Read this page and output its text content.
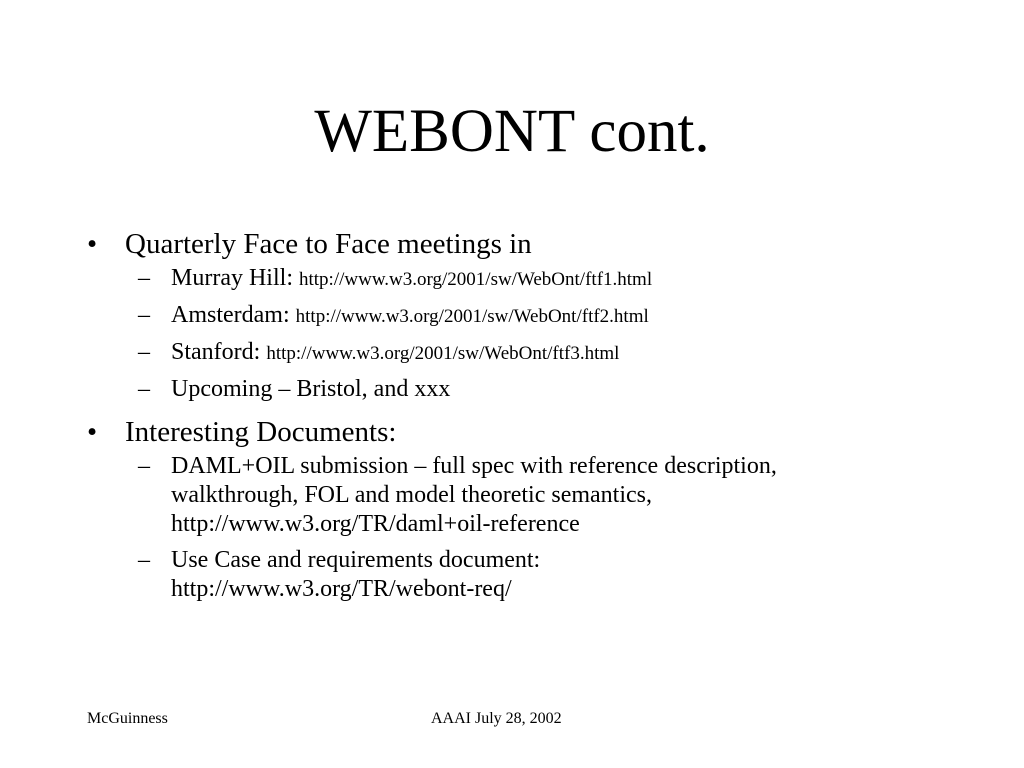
WEBONT cont.
• Quarterly Face to Face meetings in
– Murray Hill: http://www.w3.org/2001/sw/WebOnt/ftf1.html
– Amsterdam: http://www.w3.org/2001/sw/WebOnt/ftf2.html
– Stanford: http://www.w3.org/2001/sw/WebOnt/ftf3.html
– Upcoming – Bristol, and xxx
• Interesting Documents:
– DAML+OIL submission – full spec with reference description,
walkthrough, FOL and model theoretic semantics,
http://www.w3.org/TR/daml+oil-reference
– Use Case and requirements document:
http://www.w3.org/TR/webont-req/
McGuinness	AAAI July 28, 2002
